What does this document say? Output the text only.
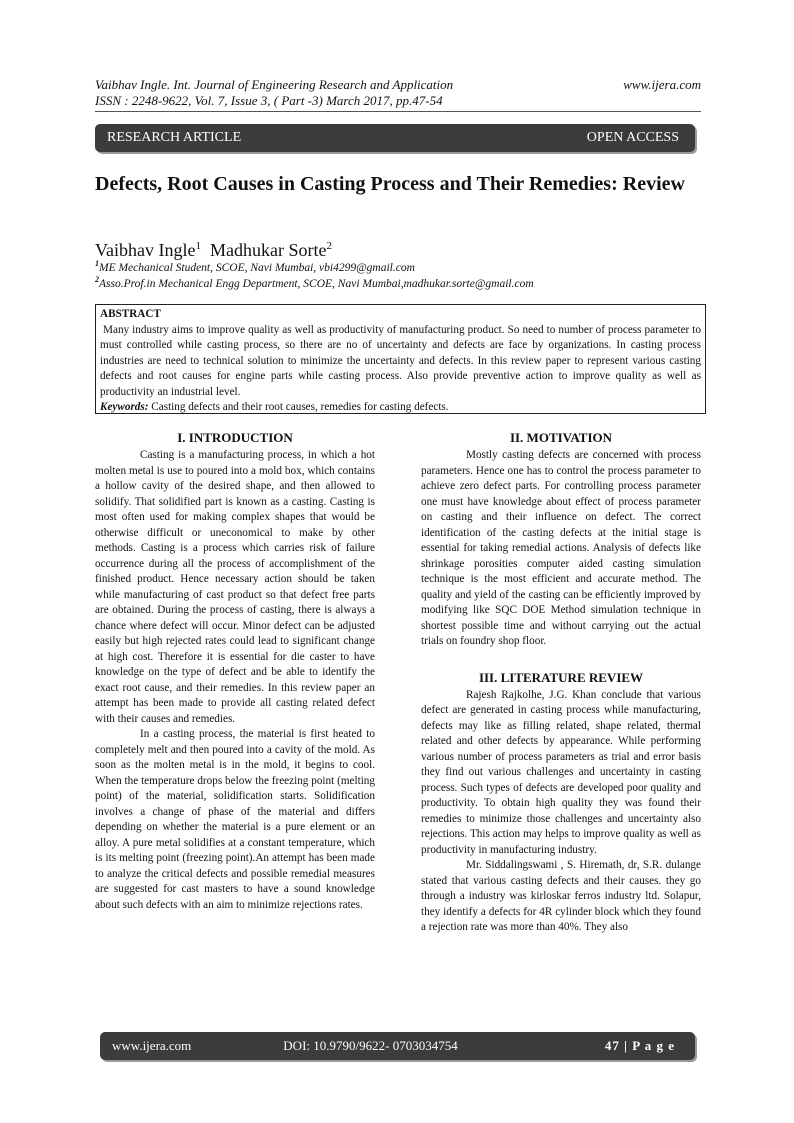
Vaibhav Ingle. Int. Journal of Engineering Research and Application	www.ijera.com
ISSN : 2248-9622, Vol. 7, Issue 3, ( Part -3) March 2017, pp.47-54
RESEARCH ARTICLE	OPEN ACCESS
Defects, Root Causes in Casting Process and Their Remedies: Review
Vaibhav Ingle$^1$ Madhukar Sorte$^2$
$^1$ME Mechanical Student, SCOE, Navi Mumbai, vbi4299@gmail.com
$^2$Asso.Prof.in Mechanical Engg Department, SCOE, Navi Mumbai,madhukar.sorte@gmail.com
ABSTRACT
Many industry aims to improve quality as well as productivity of manufacturing product. So need to number of process parameter to must controlled while casting process, so there are no of uncertainty and defects are face by organizations. In casting process industries are need to technical solution to minimize the uncertainty and defects. In this review paper to represent various casting defects and root causes for engine parts while casting process. Also provide preventive action to improve quality as well as productivity an industrial level.
Keywords: Casting defects and their root causes, remedies for casting defects.
I. INTRODUCTION

Casting is a manufacturing process, in which a hot molten metal is use to poured into a mold box, which contains a hollow cavity of the desired shape, and then allowed to solidify. That solidified part is known as a casting. Casting is most often used for making complex shapes that would be otherwise difficult or uneconomical to make by other methods. Casting is a process which carries risk of failure occurrence during all the process of accomplishment of the finished product. Hence necessary action should be taken while manufacturing of cast product so that defect free parts are obtained. During the process of casting, there is always a chance where defect will occur. Minor defect can be adjusted easily but high rejected rates could lead to significant change at high cost. Therefore it is essential for die caster to have knowledge on the type of defect and be able to identify the exact root cause, and their remedies. In this review paper an attempt has been made to provide all casting related defect with their causes and remedies.

In a casting process, the material is first heated to completely melt and then poured into a cavity of the mold. As soon as the molten metal is in the mold, it begins to cool. When the temperature drops below the freezing point (melting point) of the material, solidification starts. Solidification involves a change of phase of the material and differs depending on whether the material is a pure element or an alloy. A pure metal solidifies at a constant temperature, which is its melting point (freezing point).An attempt has been made to analyze the critical defects and possible remedial measures are suggested for cast masters to have a sound knowledge about such defects with an aim to minimize rejections rates.

II. MOTIVATION

Mostly casting defects are concerned with process parameters. Hence one has to control the process parameter to achieve zero defect parts. For controlling process parameter one must have knowledge about effect of process parameter on casting and their influence on defect. The correct identification of the casting defects at the initial stage is essential for taking remedial actions. Analysis of defects like shrinkage porosities computer aided casting simulation technique is the most efficient and accurate method. The quality and yield of the casting can be efficiently improved by modifying like SQC DOE Method simulation technique in shortest possible time and without carrying out the actual trials on foundry shop floor.

III. LITERATURE REVIEW

Rajesh Rajkolhe, J.G. Khan conclude that various defect are generated in casting process while manufacturing, defects may like as filling related, shape related, thermal related and other defects by appearance. While performing various number of process parameters as trial and error basis they find out various challenges and uncertainty in casting process. Such types of defects are developed poor quality and productivity. To obtain high quality they was found their remedies to minimize those challenges and uncertainty also rejections. This action may helps to improve quality as well as productivity in manufacturing industry.

Mr. Siddalingswami , S. Hiremath, dr, S.R. dulange stated that various casting defects and their causes. they go through a industry was kirloskar ferros industry ltd. Solapur, they identify a defects for 4R cylinder block which they found a rejection rate was more than 40%. They also

www.ijera.com	DOI: 10.9790/9622- 0703034754	47 | P a g e
